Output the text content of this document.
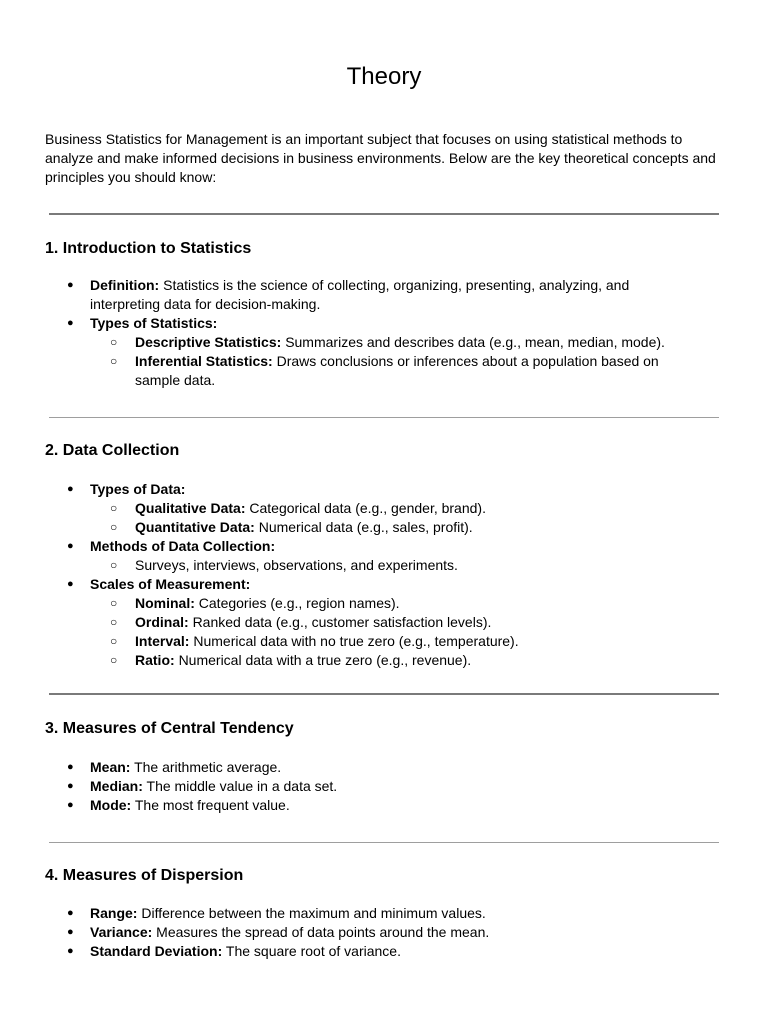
Theory

Business Statistics for Management is an important subject that focuses on using statistical methods to analyze and make informed decisions in business environments. Below are the key theoretical concepts and principles you should know:

1. Introduction to Statistics
● Definition: Statistics is the science of collecting, organizing, presenting, analyzing, and interpreting data for decision-making.
● Types of Statistics:
○ Descriptive Statistics: Summarizes and describes data (e.g., mean, median, mode).
○ Inferential Statistics: Draws conclusions or inferences about a population based on sample data.
2. Data Collection
● Types of Data:
○ Qualitative Data: Categorical data (e.g., gender, brand).
○ Quantitative Data: Numerical data (e.g., sales, profit).
● Methods of Data Collection:
○ Surveys, interviews, observations, and experiments.
● Scales of Measurement:
○ Nominal: Categories (e.g., region names).
○ Ordinal: Ranked data (e.g., customer satisfaction levels).
○ Interval: Numerical data with no true zero (e.g., temperature).
○ Ratio: Numerical data with a true zero (e.g., revenue).
3. Measures of Central Tendency
● Mean: The arithmetic average.
● Median: The middle value in a data set.
● Mode: The most frequent value.
4. Measures of Dispersion
● Range: Difference between the maximum and minimum values.
● Variance: Measures the spread of data points around the mean.
● Standard Deviation: The square root of variance.
